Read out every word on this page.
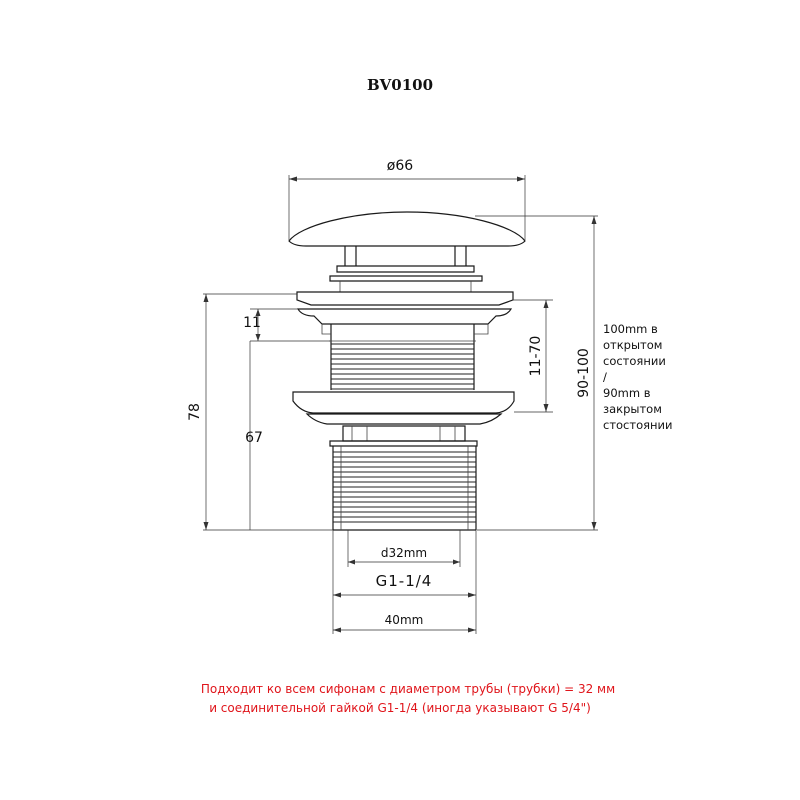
BV0100
ø66
78
11
67
11-70 90-100
d32mm
G1-1/4
40mm
100mm в
открытом
состоянии
/
90mm в
закрытом
стостоянии
Подходит ко всем сифонам с диаметром трубы (трубки) = 32 мм
и соединительной гайкой G1-1/4 (иногда указывают G 5/4")
